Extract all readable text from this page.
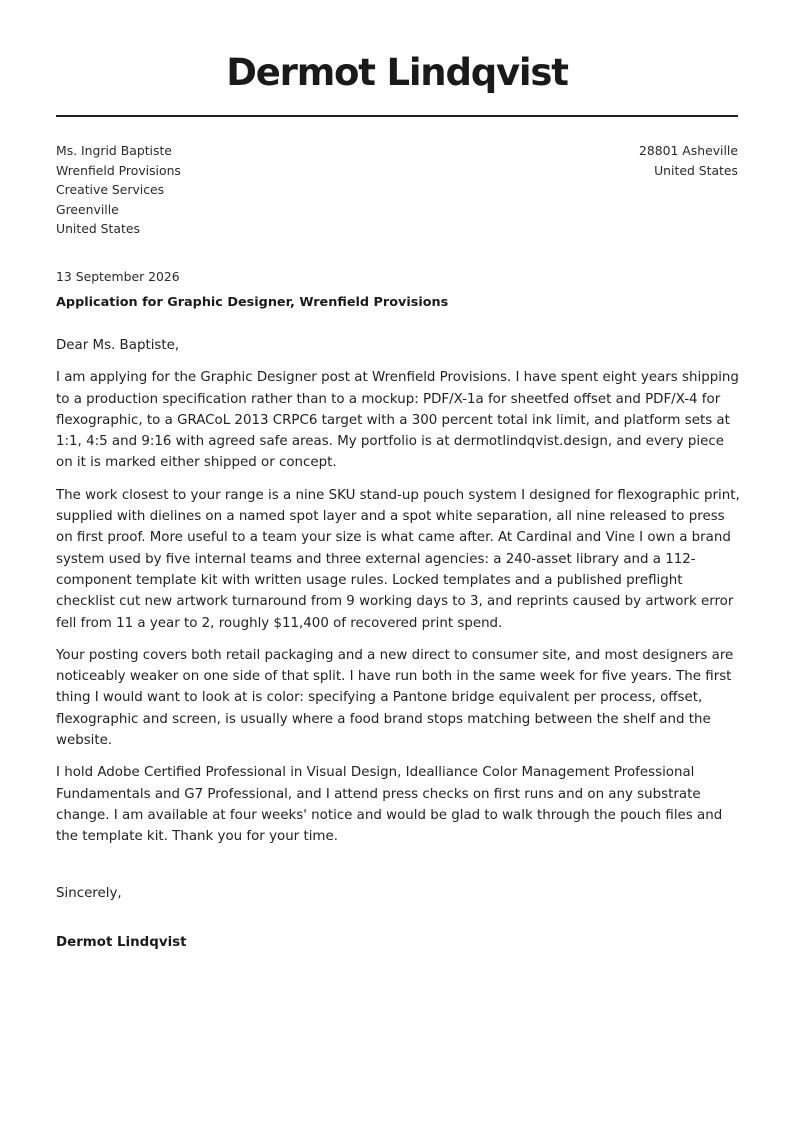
Dermot Lindqvist
Ms. Ingrid Baptiste
Wrenfield Provisions
Creative Services
Greenville
United States
28801 Asheville
United States
13 September 2026
Application for Graphic Designer, Wrenfield Provisions

Dear Ms. Baptiste,

I am applying for the Graphic Designer post at Wrenfield Provisions. I have spent eight years shipping to a production specification rather than to a mockup: PDF/X-1a for sheetfed offset and PDF/X-4 for flexographic, to a GRACoL 2013 CRPC6 target with a 300 percent total ink limit, and platform sets at 1:1, 4:5 and 9:16 with agreed safe areas. My portfolio is at dermotlindqvist.design, and every piece on it is marked either shipped or concept.

The work closest to your range is a nine SKU stand-up pouch system I designed for flexographic print, supplied with dielines on a named spot layer and a spot white separation, all nine released to press on first proof. More useful to a team your size is what came after. At Cardinal and Vine I own a brand system used by five internal teams and three external agencies: a 240-asset library and a 112-component template kit with written usage rules. Locked templates and a published preflight checklist cut new artwork turnaround from 9 working days to 3, and reprints caused by artwork error fell from 11 a year to 2, roughly $11,400 of recovered print spend.

Your posting covers both retail packaging and a new direct to consumer site, and most designers are noticeably weaker on one side of that split. I have run both in the same week for five years. The first thing I would want to look at is color: specifying a Pantone bridge equivalent per process, offset, flexographic and screen, is usually where a food brand stops matching between the shelf and the website.

I hold Adobe Certified Professional in Visual Design, Idealliance Color Management Professional Fundamentals and G7 Professional, and I attend press checks on first runs and on any substrate change. I am available at four weeks' notice and would be glad to walk through the pouch files and the template kit. Thank you for your time.

Sincerely,
Dermot Lindqvist
